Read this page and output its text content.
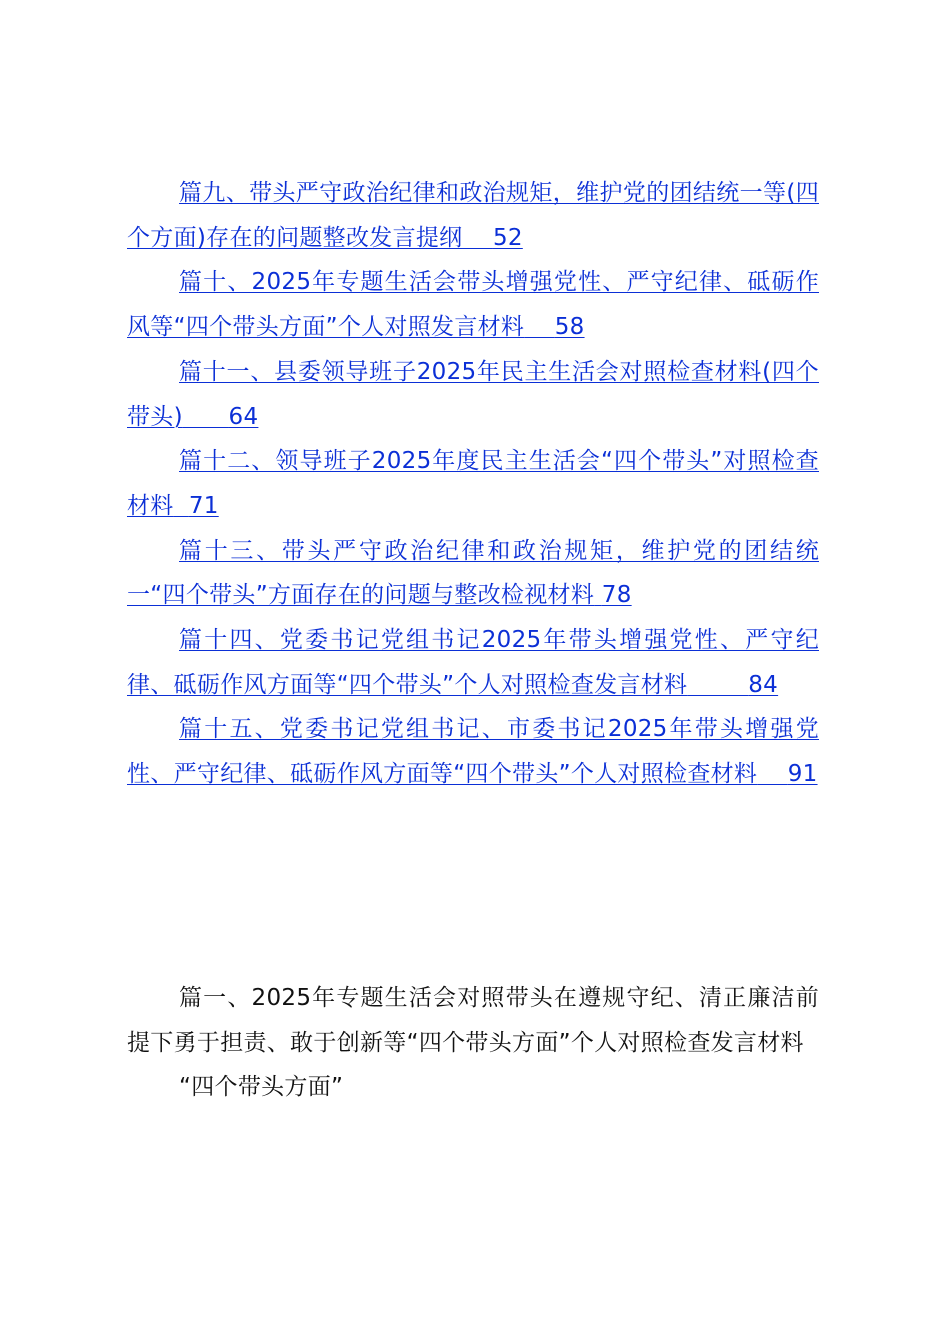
篇九、带头严守政治纪律和政治规矩，维护党的团结统一等(四个方面)存在的问题整改发言提纲 52
篇十、2025年专题生活会带头增强党性、严守纪律、砥砺作风等“四个带头方面”个人对照发言材料 58
篇十一、县委领导班子2025年民主生活会对照检查材料(四个带头) 64
篇十二、领导班子2025年度民主生活会“四个带头”对照检查材料 71
篇十三、带头严守政治纪律和政治规矩，维护党的团结统一“四个带头”方面存在的问题与整改检视材料 78
篇十四、党委书记党组书记2025年带头增强党性、严守纪律、砥砺作风方面等“四个带头”个人对照检查发言材料	84
篇十五、党委书记党组书记、市委书记2025年带头增强党性、严守纪律、砥砺作风方面等“四个带头”个人对照检查材料 91
篇一、2025年专题生活会对照带头在遵规守纪、清正廉洁前提下勇于担责、敢于创新等“四个带头方面”个人对照检查发言材料
“四个带头方面”
